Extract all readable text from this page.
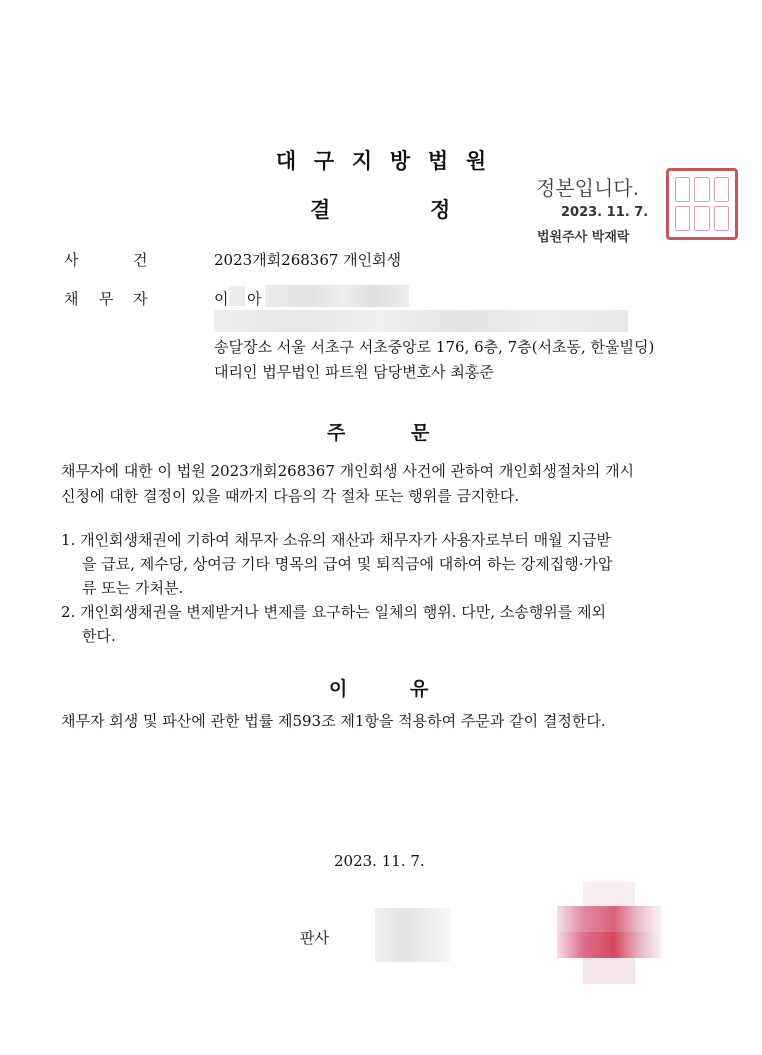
대 구 지 방 법 원
결	정
정본입니다.
2023. 11. 7.
법원주사 박재락
사	건	2023개회268367 개인회생
채 무 자	이 아
송달장소 서울 서초구 서초중앙로 176, 6층, 7층(서초동, 한울빌딩)
대리인 법무법인 파트원 담당변호사 최홍준
주	문
채무자에 대한 이 법원 2023개회268367 개인회생 사건에 관하여 개인회생절차의 개시
신청에 대한 결정이 있을 때까지 다음의 각 절차 또는 행위를 금지한다.
1. 개인회생채권에 기하여 채무자 소유의 재산과 채무자가 사용자로부터 매월 지급받
을 급료, 제수당, 상여금 기타 명목의 급여 및 퇴직금에 대하여 하는 강제집행·가압
류 또는 가처분.
2. 개인회생채권을 변제받거나 변제를 요구하는 일체의 행위. 다만, 소송행위를 제외
한다.
이	유
채무자 회생 및 파산에 관한 법률 제593조 제1항을 적용하여 주문과 같이 결정한다.
2023. 11. 7.
판사
